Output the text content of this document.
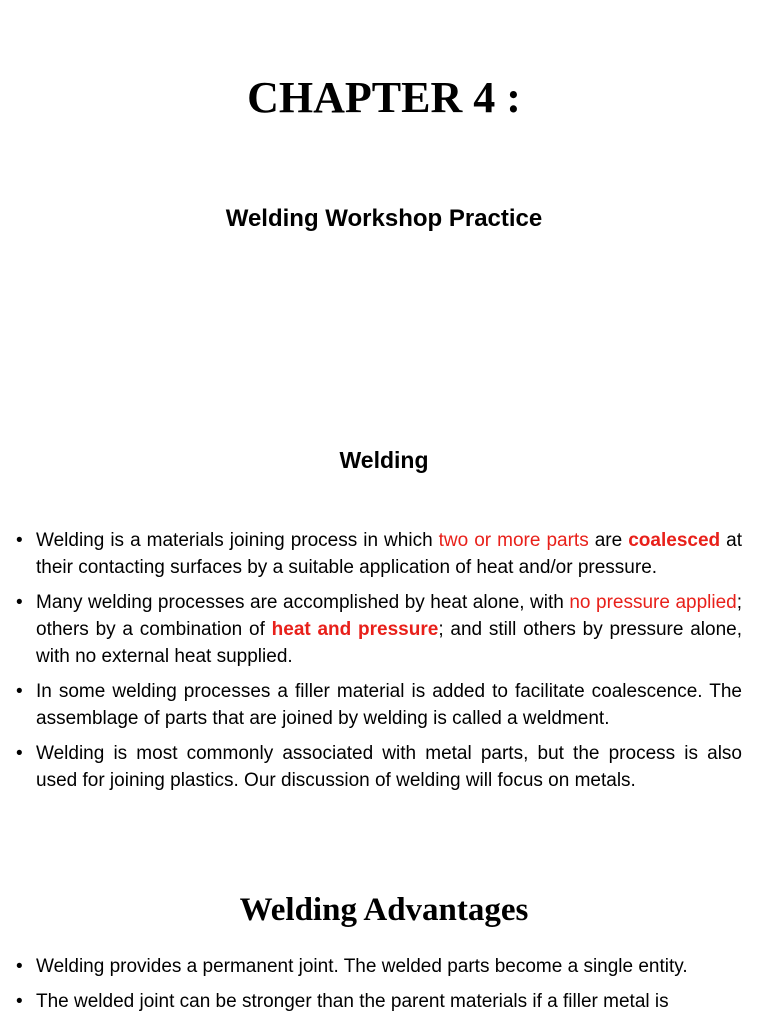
CHAPTER 4 :
Welding Workshop Practice
Welding
• Welding is a materials joining process in which two or more parts are coalesced at their contacting surfaces by a suitable application of heat and/or pressure.
• Many welding processes are accomplished by heat alone, with no pressure applied; others by a combination of heat and pressure; and still others by pressure alone, with no external heat supplied.
• In some welding processes a filler material is added to facilitate coalescence. The assemblage of parts that are joined by welding is called a weldment.
• Welding is most commonly associated with metal parts, but the process is also used for joining plastics. Our discussion of welding will focus on metals.
Welding Advantages
• Welding provides a permanent joint. The welded parts become a single entity.
• The welded joint can be stronger than the parent materials if a filler metal is
